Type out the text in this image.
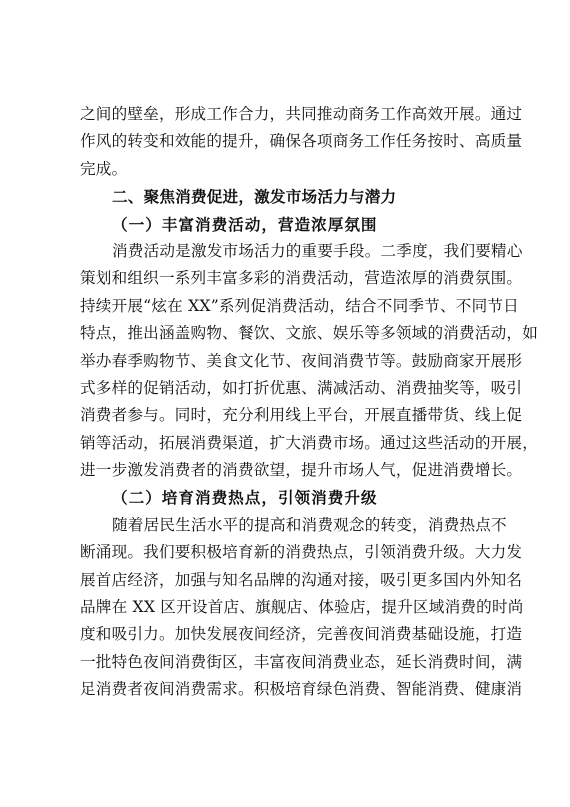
之间的壁垒，形成工作合力，共同推动商务工作高效开展。通过
作风的转变和效能的提升，确保各项商务工作任务按时、高质量
完成。
二、聚焦消费促进，激发市场活力与潜力
（一）丰富消费活动，营造浓厚氛围
消费活动是激发市场活力的重要手段。二季度，我们要精心
策划和组织一系列丰富多彩的消费活动，营造浓厚的消费氛围。
持续开展“炫在 XX”系列促消费活动，结合不同季节、不同节日
特点，推出涵盖购物、餐饮、文旅、娱乐等多领域的消费活动，如
举办春季购物节、美食文化节、夜间消费节等。鼓励商家开展形
式多样的促销活动，如打折优惠、满减活动、消费抽奖等，吸引
消费者参与。同时，充分利用线上平台，开展直播带货、线上促
销等活动，拓展消费渠道，扩大消费市场。通过这些活动的开展，
进一步激发消费者的消费欲望，提升市场人气，促进消费增长。
（二）培育消费热点，引领消费升级
随着居民生活水平的提高和消费观念的转变，消费热点不
断涌现。我们要积极培育新的消费热点，引领消费升级。大力发
展首店经济，加强与知名品牌的沟通对接，吸引更多国内外知名
品牌在 XX 区开设首店、旗舰店、体验店，提升区域消费的时尚
度和吸引力。加快发展夜间经济，完善夜间消费基础设施，打造
一批特色夜间消费街区，丰富夜间消费业态，延长消费时间，满
足消费者夜间消费需求。积极培育绿色消费、智能消费、健康消
